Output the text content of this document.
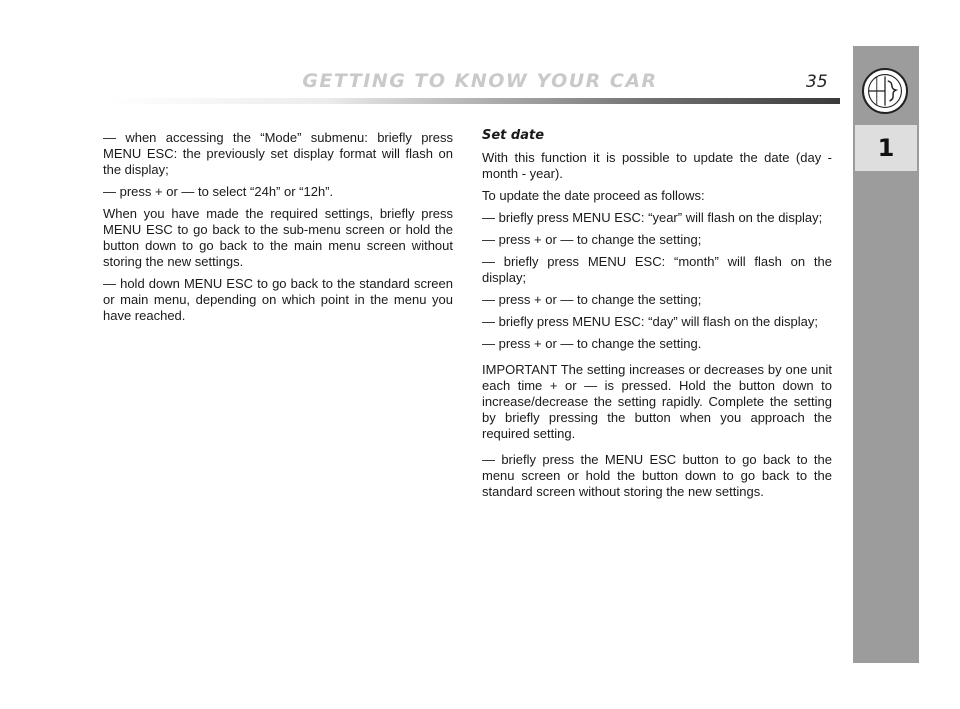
GETTING TO KNOW YOUR CAR	35
1

— when accessing the “Mode” submenu: briefly press MENU ESC: the previously set display format will flash on the display;

— press + or — to select “24h” or “12h”.

When you have made the required settings, briefly press MENU ESC to go back to the sub-menu screen or hold the button down to go back to the main menu screen without storing the new settings.

— hold down MENU ESC to go back to the standard screen or main menu, depending on which point in the menu you have reached.

Set date

With this function it is possible to update the date (day - month - year).

To update the date proceed as follows:

— briefly press MENU ESC: “year” will flash on the display;

— press + or — to change the setting;

— briefly press MENU ESC: “month” will flash on the display;

— press + or — to change the setting;

— briefly press MENU ESC: “day” will flash on the display;

— press + or — to change the setting.

IMPORTANT The setting increases or decreases by one unit each time + or — is pressed. Hold the button down to increase/decrease the setting rapidly. Complete the setting by briefly pressing the button when you approach the required setting.

— briefly press the MENU ESC button to go back to the menu screen or hold the button down to go back to the standard screen without storing the new settings.
